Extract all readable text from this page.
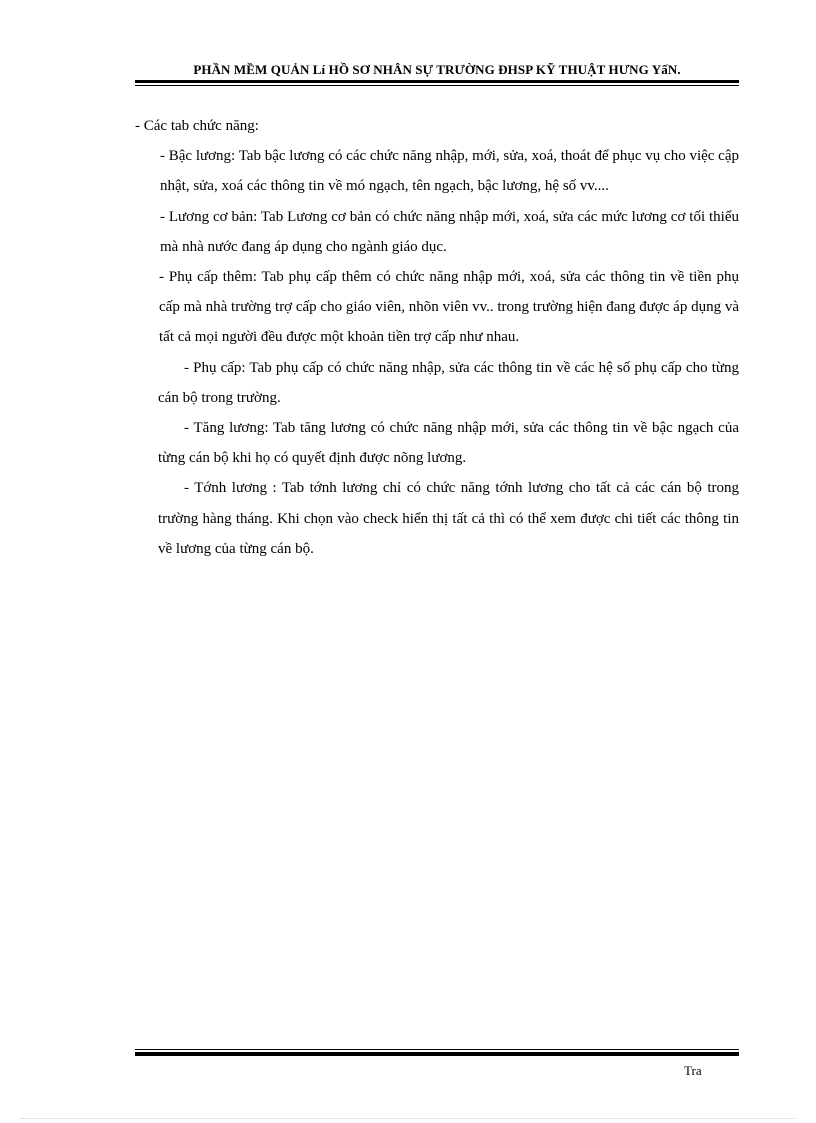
PHẦN MỀM QUẢN Lí HỒ SƠ NHÂN SỰ TRƯỜNG ĐHSP KỸ THUẬT HƯNG YấN.

- Các tab chức năng:

- Bậc lương: Tab bậc lương có các chức năng nhập, mới, sửa, xoá, thoát để phục vụ cho việc cập nhật, sửa, xoá các thông tin về mó ngạch, tên ngạch, bậc lương, hệ số vv....

- Lương cơ bản: Tab Lương cơ bản có chức năng nhập mới, xoá, sửa các mức lương cơ tối thiểu mà nhà nước đang áp dụng cho ngành giáo dục.

- Phụ cấp thêm: Tab phụ cấp thêm có chức năng nhập mới, xoá, sửa các thông tin về tiền phụ cấp mà nhà trường trợ cấp cho giáo viên, nhõn viên vv.. trong trường hiện đang được áp dụng và tất cả mọi người đều được một khoản tiền trợ cấp như nhau.

- Phụ cấp: Tab phụ cấp có chức năng nhập, sửa các thông tin về các hệ số phụ cấp cho từng cán bộ trong trường.

- Tăng lương: Tab tăng lương có chức năng nhập mới, sửa các thông tin về bậc ngạch của từng cán bộ khi họ có quyết định được nõng lương.

- Tớnh lương : Tab tớnh lương chỉ có chức năng tớnh lương cho tất cả các cán bộ trong trường hàng tháng. Khi chọn vào check hiển thị tất cả thì có thể xem được chi tiết các thông tin về lương của từng cán bộ.

Tra
